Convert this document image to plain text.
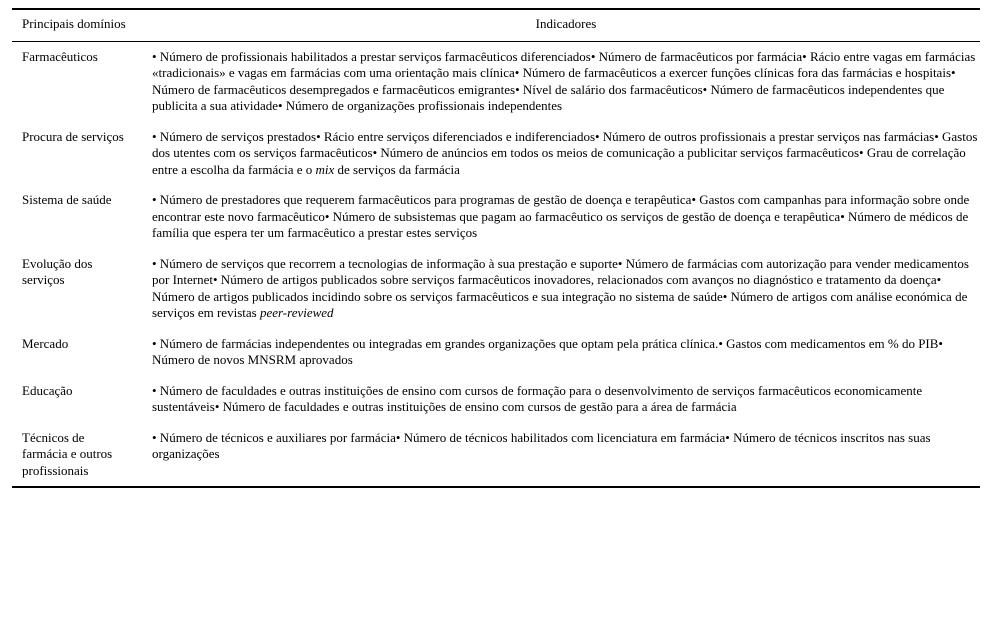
Principais domínios	Indicadores
Farmacêuticos	• Número de profissionais habilitados a prestar serviços farmacêuticos diferenciados• Número de farmacêuticos por farmácia• Rácio entre vagas em farmácias «tradicionais» e vagas em farmácias com uma orientação mais clínica• Número de farmacêuticos a exercer funções clínicas fora das farmácias e hospitais• Número de farmacêuticos desempregados e farmacêuticos emigrantes• Nível de salário dos farmacêuticos• Número de farmacêuticos independentes que publicita a sua atividade• Número de organizações profissionais independentes
Procura de serviços	• Número de serviços prestados• Rácio entre serviços diferenciados e indiferenciados• Número de outros profissionais a prestar serviços nas farmácias• Gastos dos utentes com os serviços farmacêuticos• Número de anúncios em todos os meios de comunicação a publicitar serviços farmacêuticos• Grau de correlação entre a escolha da farmácia e o mix de serviços da farmácia
Sistema de saúde	• Número de prestadores que requerem farmacêuticos para programas de gestão de doença e terapêutica• Gastos com campanhas para informação sobre onde encontrar este novo farmacêutico• Número de subsistemas que pagam ao farmacêutico os serviços de gestão de doença e terapêutica• Número de médicos de família que espera ter um farmacêutico a prestar estes serviços
Evolução dos serviços	• Número de serviços que recorrem a tecnologias de informação à sua prestação e suporte• Número de farmácias com autorização para vender medicamentos por Internet• Número de artigos publicados sobre serviços farmacêuticos inovadores, relacionados com avanços no diagnóstico e tratamento da doença• Número de artigos publicados incidindo sobre os serviços farmacêuticos e sua integração no sistema de saúde• Número de artigos com análise económica de serviços em revistas peer-reviewed
Mercado	• Número de farmácias independentes ou integradas em grandes organizações que optam pela prática clínica.• Gastos com medicamentos em % do PIB• Número de novos MNSRM aprovados
Educação	• Número de faculdades e outras instituições de ensino com cursos de formação para o desenvolvimento de serviços farmacêuticos economicamente sustentáveis• Número de faculdades e outras instituições de ensino com cursos de gestão para a área de farmácia
Técnicos de farmácia e outros profissionais	• Número de técnicos e auxiliares por farmácia• Número de técnicos habilitados com licenciatura em farmácia• Número de técnicos inscritos nas suas organizações
